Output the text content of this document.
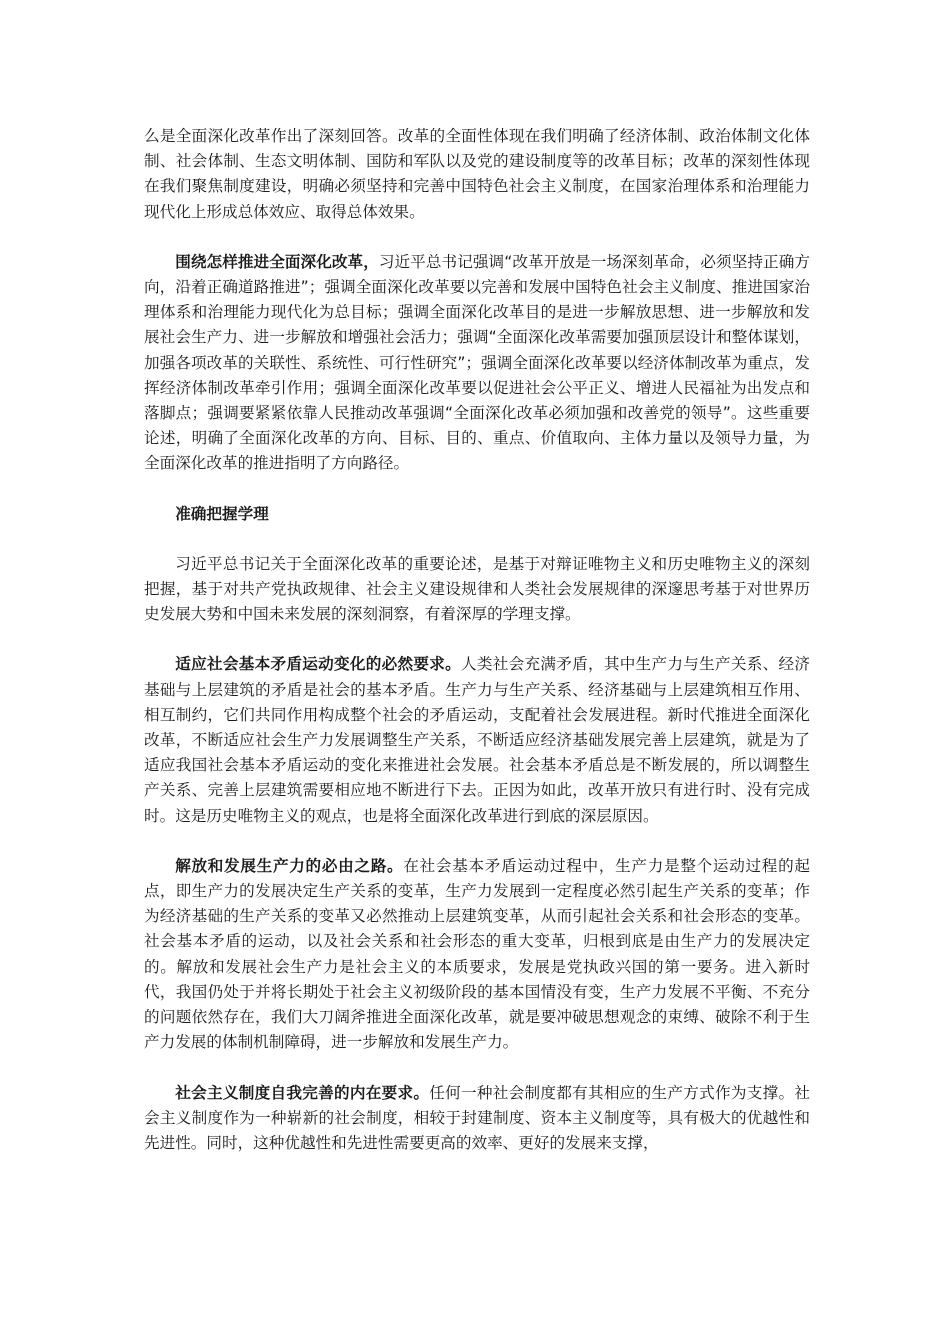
么是全面深化改革作出了深刻回答。改革的全面性体现在我们明确了经济体制、政治体制文化体制、社会体制、生态文明体制、国防和军队以及党的建设制度等的改革目标；改革的深刻性体现在我们聚焦制度建设，明确必须坚持和完善中国特色社会主义制度，在国家治理体系和治理能力现代化上形成总体效应、取得总体效果。

围绕怎样推进全面深化改革，习近平总书记强调“改革开放是一场深刻革命，必须坚持正确方向，沿着正确道路推进”；强调全面深化改革要以完善和发展中国特色社会主义制度、推进国家治理体系和治理能力现代化为总目标；强调全面深化改革目的是进一步解放思想、进一步解放和发展社会生产力、进一步解放和增强社会活力；强调“全面深化改革需要加强顶层设计和整体谋划，加强各项改革的关联性、系统性、可行性研究”；强调全面深化改革要以经济体制改革为重点，发挥经济体制改革牵引作用；强调全面深化改革要以促进社会公平正义、增进人民福祉为出发点和落脚点；强调要紧紧依靠人民推动改革强调“全面深化改革必须加强和改善党的领导”。这些重要论述，明确了全面深化改革的方向、目标、目的、重点、价值取向、主体力量以及领导力量，为全面深化改革的推进指明了方向路径。

准确把握学理

习近平总书记关于全面深化改革的重要论述，是基于对辩证唯物主义和历史唯物主义的深刻把握，基于对共产党执政规律、社会主义建设规律和人类社会发展规律的深邃思考基于对世界历史发展大势和中国未来发展的深刻洞察，有着深厚的学理支撑。

适应社会基本矛盾运动变化的必然要求。人类社会充满矛盾，其中生产力与生产关系、经济基础与上层建筑的矛盾是社会的基本矛盾。生产力与生产关系、经济基础与上层建筑相互作用、相互制约，它们共同作用构成整个社会的矛盾运动，支配着社会发展进程。新时代推进全面深化改革，不断适应社会生产力发展调整生产关系，不断适应经济基础发展完善上层建筑，就是为了适应我国社会基本矛盾运动的变化来推进社会发展。社会基本矛盾总是不断发展的，所以调整生产关系、完善上层建筑需要相应地不断进行下去。正因为如此，改革开放只有进行时、没有完成时。这是历史唯物主义的观点，也是将全面深化改革进行到底的深层原因。

解放和发展生产力的必由之路。在社会基本矛盾运动过程中，生产力是整个运动过程的起点，即生产力的发展决定生产关系的变革，生产力发展到一定程度必然引起生产关系的变革；作为经济基础的生产关系的变革又必然推动上层建筑变革，从而引起社会关系和社会形态的变革。社会基本矛盾的运动，以及社会关系和社会形态的重大变革，归根到底是由生产力的发展决定的。解放和发展社会生产力是社会主义的本质要求，发展是党执政兴国的第一要务。进入新时代，我国仍处于并将长期处于社会主义初级阶段的基本国情没有变，生产力发展不平衡、不充分的问题依然存在，我们大刀阔斧推进全面深化改革，就是要冲破思想观念的束缚、破除不利于生产力发展的体制机制障碍，进一步解放和发展生产力。

社会主义制度自我完善的内在要求。任何一种社会制度都有其相应的生产方式作为支撑。社会主义制度作为一种崭新的社会制度，相较于封建制度、资本主义制度等，具有极大的优越性和先进性。同时，这种优越性和先进性需要更高的效率、更好的发展来支撑，
